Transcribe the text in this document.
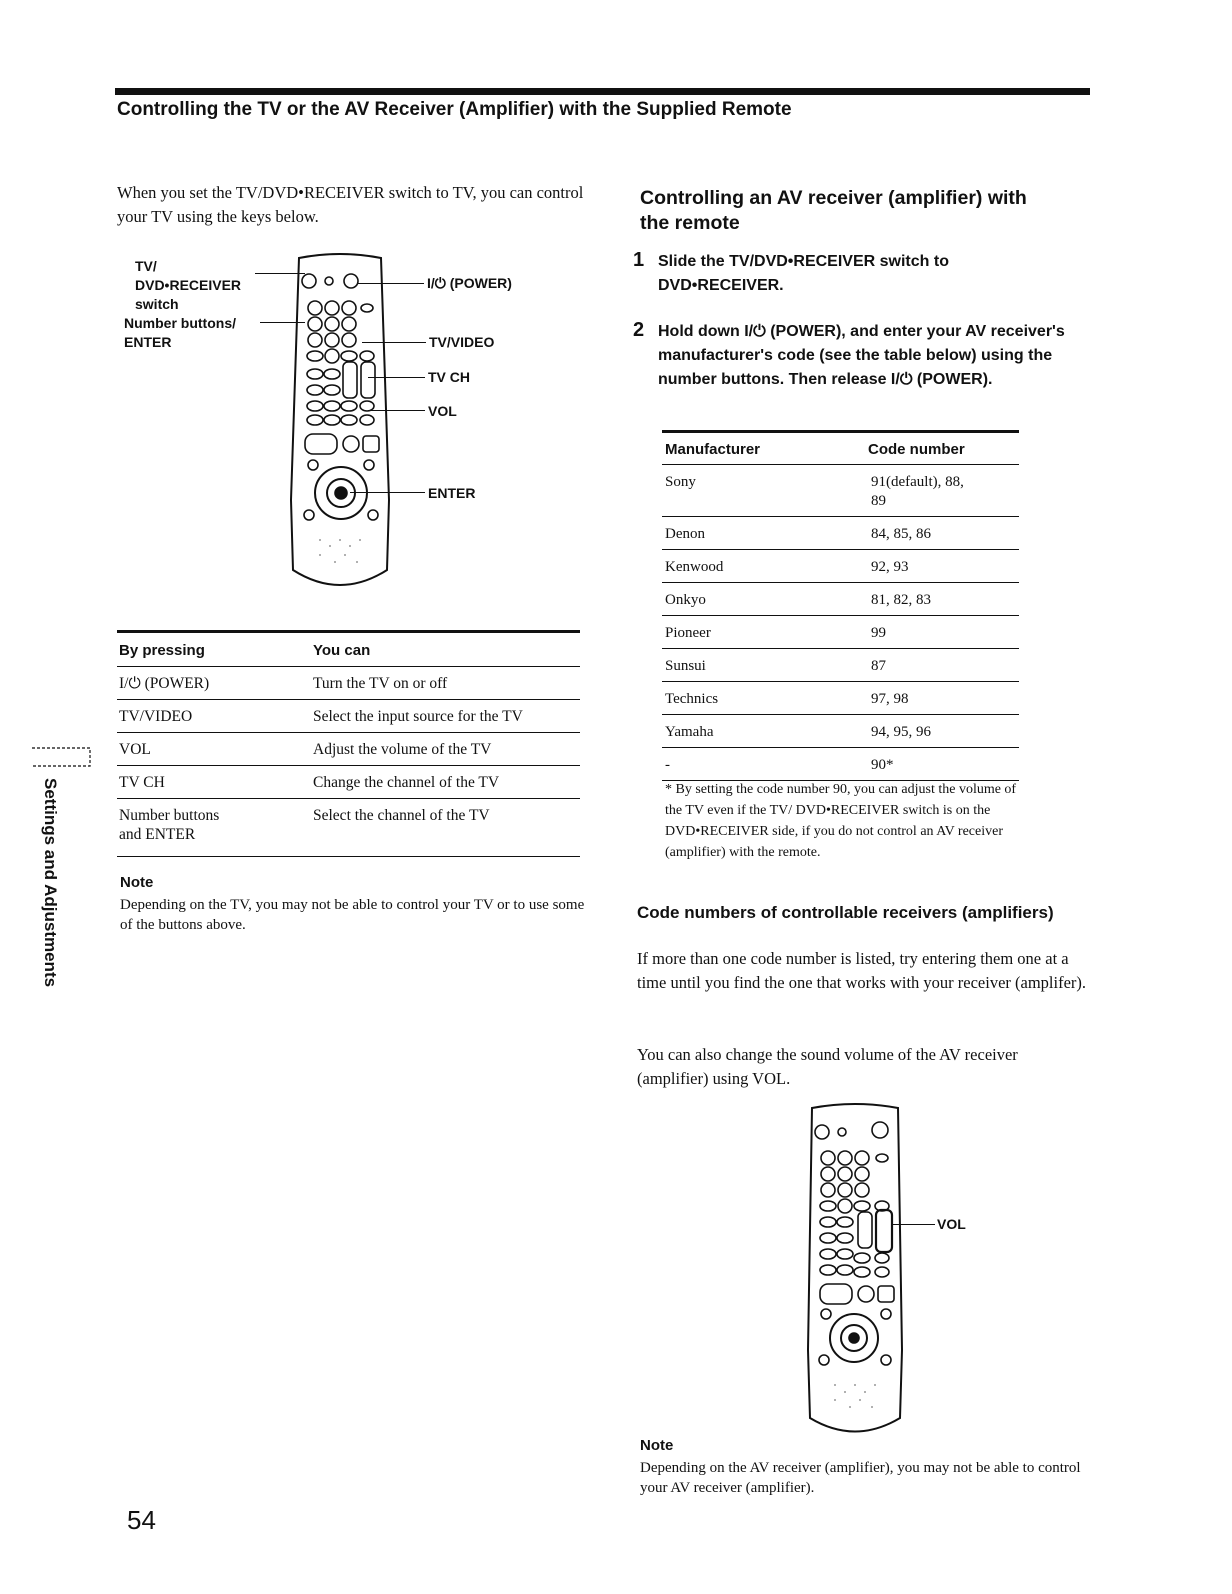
Controlling the TV or the AV Receiver (Amplifier) with the Supplied Remote
When you set the TV/DVD•RECEIVER switch to TV, you can control your TV using the keys below.
TV/
DVD•RECEIVER
switch
Number buttons/
ENTER
I/⏻ (POWER)
TV/VIDEO
TV CH
VOL
ENTER
By pressing	You can
I/⏻ (POWER)	Turn the TV on or off
TV/VIDEO	Select the input source for the TV
VOL	Adjust the volume of the TV
TV CH	Change the channel of the TV
Number buttons
and ENTER	Select the channel of the TV
Note
Depending on the TV, you may not be able to control your TV or to use some of the buttons above.
Settings and Adjustments
Controlling an AV receiver (amplifier) with the remote
1 Slide the TV/DVD•RECEIVER switch to DVD•RECEIVER.
2 Hold down I/⏻ (POWER), and enter your AV receiver's manufacturer's code (see the table below) using the number buttons. Then release I/⏻ (POWER).
Manufacturer	Code number
Sony	91(default), 88,
89
Denon	84, 85, 86
Kenwood	92, 93
Onkyo	81, 82, 83
Pioneer	99
Sunsui	87
Technics	97, 98
Yamaha	94, 95, 96
-	90*
* By setting the code number 90, you can adjust the volume of the TV even if the TV/ DVD•RECEIVER switch is on the DVD•RECEIVER side, if you do not control an AV receiver (amplifier) with the remote.
Code numbers of controllable receivers (amplifiers)
If more than one code number is listed, try entering them one at a time until you find the one that works with your receiver (amplifer).
You can also change the sound volume of the AV receiver (amplifier) using VOL.
VOL
Note
Depending on the AV receiver (amplifier), you may not be able to control your AV receiver (amplifier).
54
